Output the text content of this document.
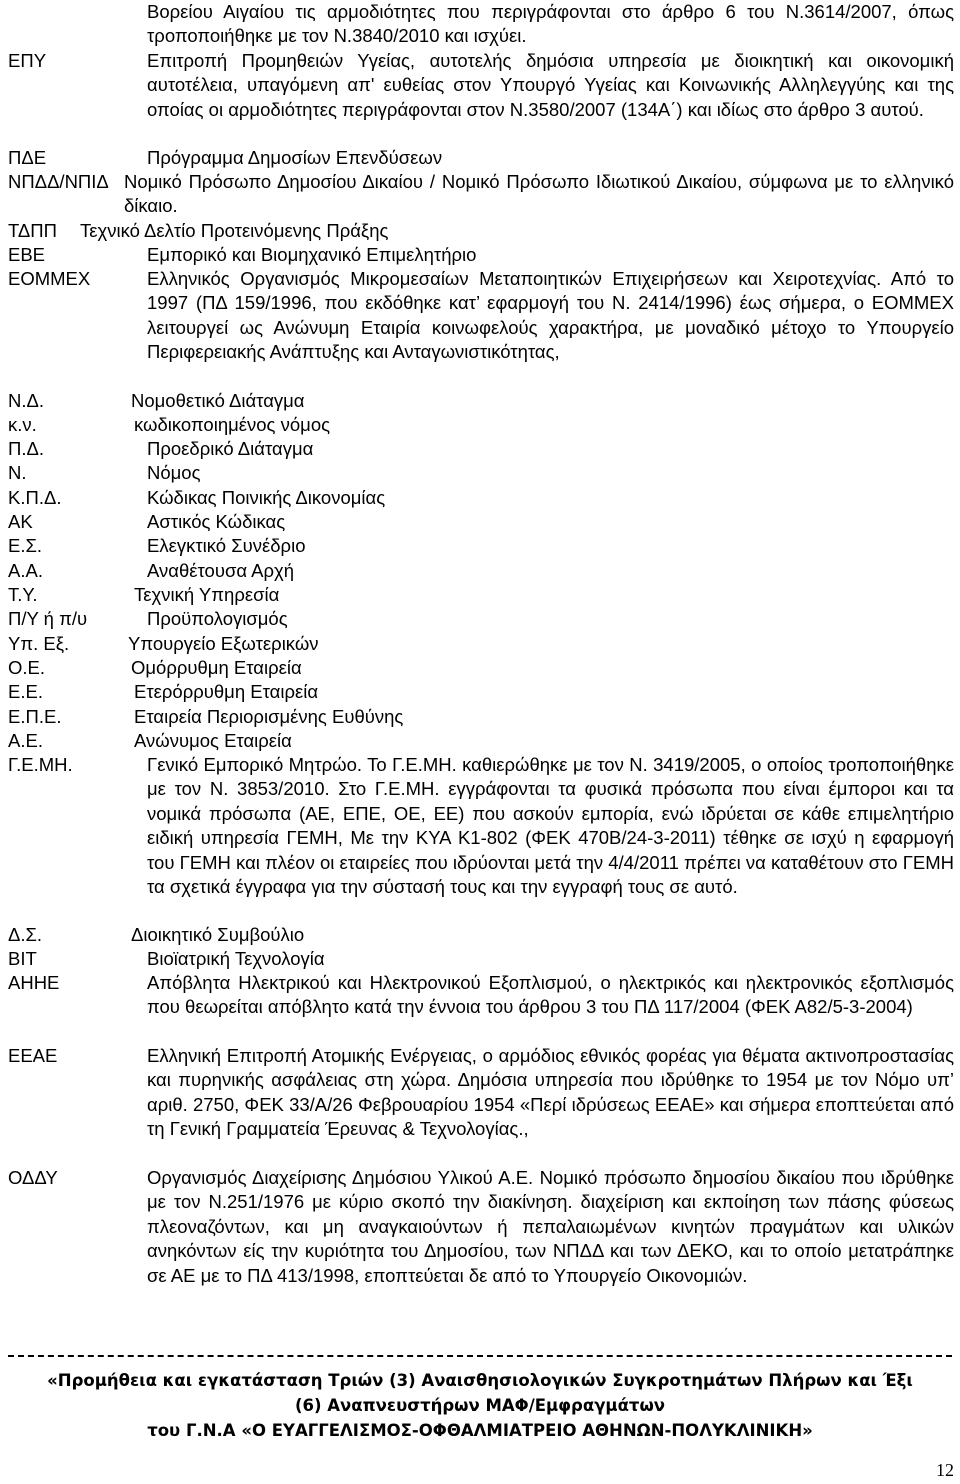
Βορείου Αιγαίου τις αρμοδιότητες που περιγράφονται στο άρθρο 6 του Ν.3614/2007, όπως τροποποιήθηκε με τον Ν.3840/2010 και ισχύει.
ΕΠΥ	Επιτροπή Προμηθειών Υγείας, αυτοτελής δημόσια υπηρεσία με διοικητική και οικονομική αυτοτέλεια, υπαγόμενη απ' ευθείας στον Υπουργό Υγείας και Κοινωνικής Αλληλεγγύης και της οποίας οι αρμοδιότητες περιγράφονται στον Ν.3580/2007 (134Α΄) και ιδίως στο άρθρο 3 αυτού.
ΠΔΕ	Πρόγραμμα Δημοσίων Επενδύσεων
ΝΠΔΔ/ΝΠΙΔ Νομικό Πρόσωπο Δημοσίου Δικαίου / Νομικό Πρόσωπο Ιδιωτικού Δικαίου, σύμφωνα με το ελληνικό δίκαιο.
ΤΔΠΠ Τεχνικό Δελτίο Προτεινόμενης Πράξης
ΕΒΕ	Εμπορικό και Βιομηχανικό Επιμελητήριο
ΕΟΜΜΕΧ	Ελληνικός Οργανισμός Μικρομεσαίων Μεταποιητικών Επιχειρήσεων και Χειροτεχνίας. Από το 1997 (ΠΔ 159/1996, που εκδόθηκε κατ’ εφαρμογή του Ν. 2414/1996) έως σήμερα, ο ΕΟΜΜΕΧ λειτουργεί ως Ανώνυμη Εταιρία κοινωφελούς χαρακτήρα, με μοναδικό μέτοχο το Υπουργείο Περιφερειακής Ανάπτυξης και Ανταγωνιστικότητας,
Ν.Δ.	Νομοθετικό Διάταγμα
κ.ν.	κωδικοποιημένος νόμος
Π.Δ.	Προεδρικό Διάταγμα
Ν.	Νόμος
Κ.Π.Δ.	Κώδικας Ποινικής Δικονομίας
ΑΚ	Αστικός Κώδικας
Ε.Σ.	Ελεγκτικό Συνέδριο
Α.Α.	Αναθέτουσα Αρχή
Τ.Υ.	Τεχνική Υπηρεσία
Π/Υ ή π/υ	Προϋπολογισμός
Υπ. Εξ.	Υπουργείο Εξωτερικών
Ο.Ε.	Ομόρρυθμη Εταιρεία
Ε.Ε.	Ετερόρρυθμη Εταιρεία
Ε.Π.Ε.	Εταιρεία Περιορισμένης Ευθύνης
Α.Ε.	Ανώνυμος Εταιρεία
Γ.Ε.ΜΗ.	Γενικό Εμπορικό Μητρώο. Το Γ.Ε.ΜΗ. καθιερώθηκε με τον Ν. 3419/2005, ο οποίος τροποποιήθηκε με τον Ν. 3853/2010. Στο Γ.Ε.ΜΗ. εγγράφονται τα φυσικά πρόσωπα που είναι έμποροι και τα νομικά πρόσωπα (ΑΕ, ΕΠΕ, ΟΕ, ΕΕ) που ασκούν εμπορία, ενώ ιδρύεται σε κάθε επιμελητήριο ειδική υπηρεσία ΓΕΜΗ, Με την ΚΥΑ Κ1-802 (ΦΕΚ 470Β/24-3-2011) τέθηκε σε ισχύ η εφαρμογή του ΓΕΜΗ και πλέον οι εταιρείες που ιδρύονται μετά την 4/4/2011 πρέπει να καταθέτουν στο ΓΕΜΗ τα σχετικά έγγραφα για την σύστασή τους και την εγγραφή τους σε αυτό.
Δ.Σ.	Διοικητικό Συμβούλιο
ΒΙΤ	Βιοϊατρική Τεχνολογία
ΑΗΗΕ	Απόβλητα Ηλεκτρικού και Ηλεκτρονικού Εξοπλισμού, ο ηλεκτρικός και ηλεκτρονικός εξοπλισμός που θεωρείται απόβλητο κατά την έννοια του άρθρου 3 του ΠΔ 117/2004 (ΦΕΚ Α82/5-3-2004)
ΕΕΑΕ	Ελληνική Επιτροπή Ατομικής Ενέργειας, ο αρμόδιος εθνικός φορέας για θέματα ακτινοπροστασίας και πυρηνικής ασφάλειας στη χώρα. Δημόσια υπηρεσία που ιδρύθηκε το 1954 με τον Νόμο υπ’ αριθ. 2750, ΦΕΚ 33/Α/26 Φεβρουαρίου 1954 «Περί ιδρύσεως ΕΕΑΕ» και σήμερα εποπτεύεται από τη Γενική Γραμματεία Έρευνας & Τεχνολογίας.,
ΟΔΔΥ	Οργανισμός Διαχείρισης Δημόσιου Υλικού Α.Ε. Νομικό πρόσωπο δημοσίου δικαίου που ιδρύθηκε με τον Ν.251/1976 με κύριο σκοπό την διακίνηση. διαχείριση και εκποίηση των πάσης φύσεως πλεοναζόντων, και μη αναγκαιούντων ή πεπαλαιωμένων κινητών πραγμάτων και υλικών ανηκόντων είς την κυριότητα του Δημοσίου, των ΝΠΔΔ και των ΔΕΚΟ, και το οποίο μετατράπηκε σε ΑΕ με το ΠΔ 413/1998, εποπτεύεται δε από το Υπουργείο Οικονομιών.
«Προμήθεια και εγκατάσταση Τριών (3) Αναισθησιολογικών Συγκροτημάτων Πλήρων και Έξι
(6) Αναπνευστήρων ΜΑΦ/Εμφραγμάτων
του Γ.Ν.Α «Ο ΕΥΑΓΓΕΛΙΣΜΟΣ-ΟΦΘΑΛΜΙΑΤΡΕΙΟ ΑΘΗΝΩΝ-ΠΟΛΥΚΛΙΝΙΚΗ»
12
